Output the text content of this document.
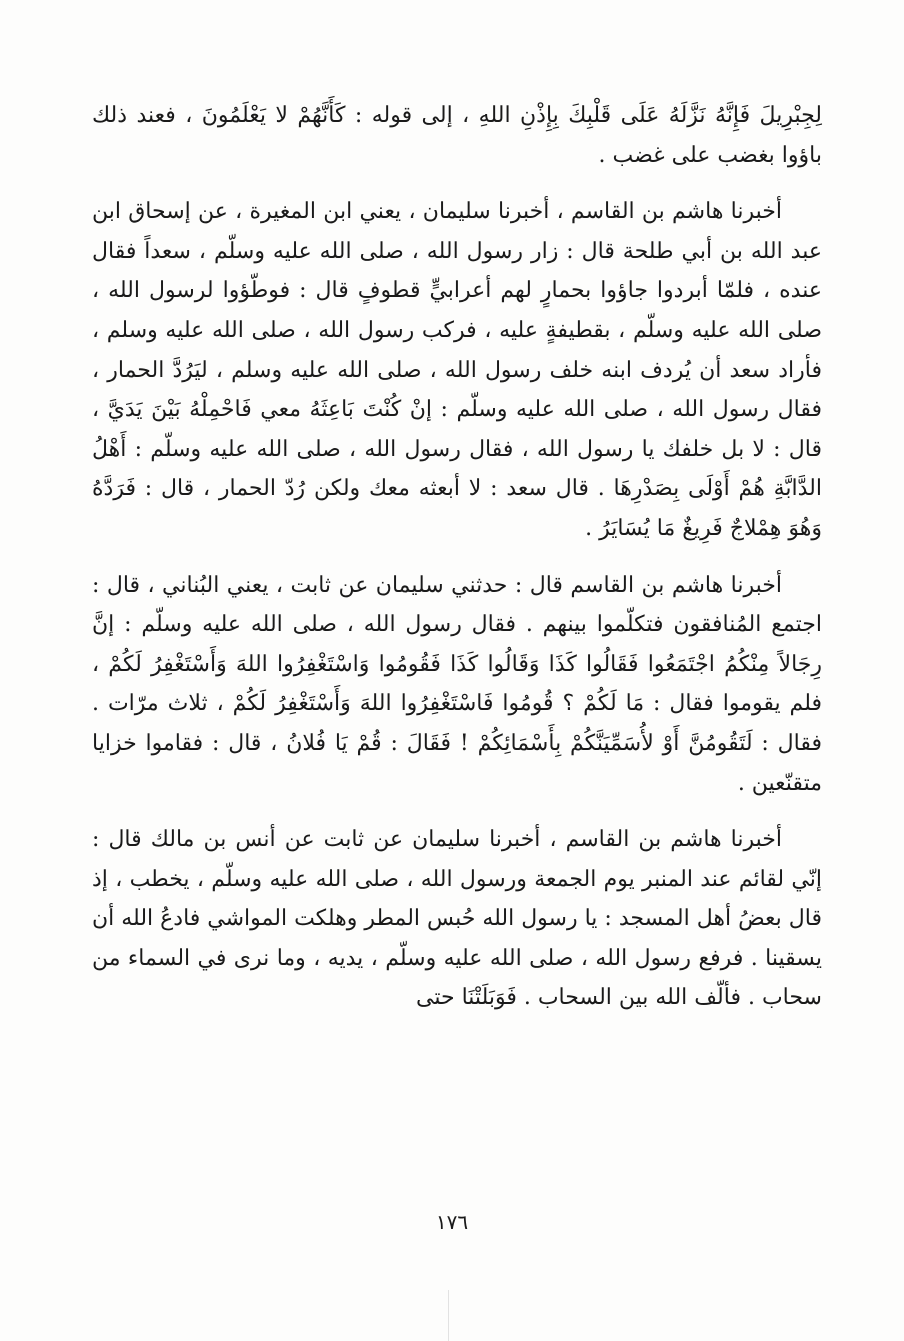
لِجِبْرِيلَ فَإِنَّهُ نَزَّلَهُ عَلَى قَلْبِكَ بِإِذْنِ اللهِ ، إلى قوله : كَأَنَّهُمْ لا يَعْلَمُونَ ، فعند ذلك باؤوا بغضب على غضب .

أخبرنا هاشم بن القاسم ، أخبرنا سليمان ، يعني ابن المغيرة ، عن إسحاق ابن عبد الله بن أبي طلحة قال : زار رسول الله ، صلى الله عليه وسلّم ، سعداً فقال عنده ، فلمّا أبردوا جاؤوا بحمارٍ لهم أعرابيٍّ قطوفٍ قال : فوطّؤوا لرسول الله ، صلى الله عليه وسلّم ، بقطيفةٍ عليه ، فركب رسول الله ، صلى الله عليه وسلم ، فأراد سعد أن يُردف ابنه خلف رسول الله ، صلى الله عليه وسلم ، ليَرُدَّ الحمار ، فقال رسول الله ، صلى الله عليه وسلّم : إنْ كُنْتَ بَاعِثَهُ معي فَاحْمِلْهُ بَيْنَ يَدَيَّ ، قال : لا بل خلفك يا رسول الله ، فقال رسول الله ، صلى الله عليه وسلّم : أَهْلُ الدَّابَّةِ هُمْ أَوْلَى بِصَدْرِهَا . قال سعد : لا أبعثه معك ولكن رُدّ الحمار ، قال : فَرَدَّهُ وَهُوَ هِمْلاجٌ فَرِيغٌ مَا يُسَايَرُ .

أخبرنا هاشم بن القاسم قال : حدثني سليمان عن ثابت ، يعني البُناني ، قال : اجتمع المُنافقون فتكلّموا بينهم . فقال رسول الله ، صلى الله عليه وسلّم : إنَّ رِجَالاً مِنْكُمُ اجْتَمَعُوا فَقَالُوا كَذَا وَقَالُوا كَذَا فَقُومُوا وَاسْتَغْفِرُوا اللهَ وَأَسْتَغْفِرُ لَكُمْ ، فلم يقوموا فقال : مَا لَكُمْ ؟ قُومُوا فَاسْتَغْفِرُوا اللهَ وَأَسْتَغْفِرُ لَكُمْ ، ثلاث مرّات . فقال : لَتَقُومُنَّ أَوْ لأُسَمِّيَنَّكُمْ بِأَسْمَائِكُمْ ! فَقَالَ : قُمْ يَا فُلانُ ، قال : فقاموا خزايا متقنّعين .

أخبرنا هاشم بن القاسم ، أخبرنا سليمان عن ثابت عن أنس بن مالك قال : إنّي لقائم عند المنبر يوم الجمعة ورسول الله ، صلى الله عليه وسلّم ، يخطب ، إذ قال بعضُ أهل المسجد : يا رسول الله حُبس المطر وهلكت المواشي فادعُ الله أن يسقينا . فرفع رسول الله ، صلى الله عليه وسلّم ، يديه ، وما نرى في السماء من سحاب . فألّف الله بين السحاب . فَوَبَلَتْنَا حتى

١٧٦
